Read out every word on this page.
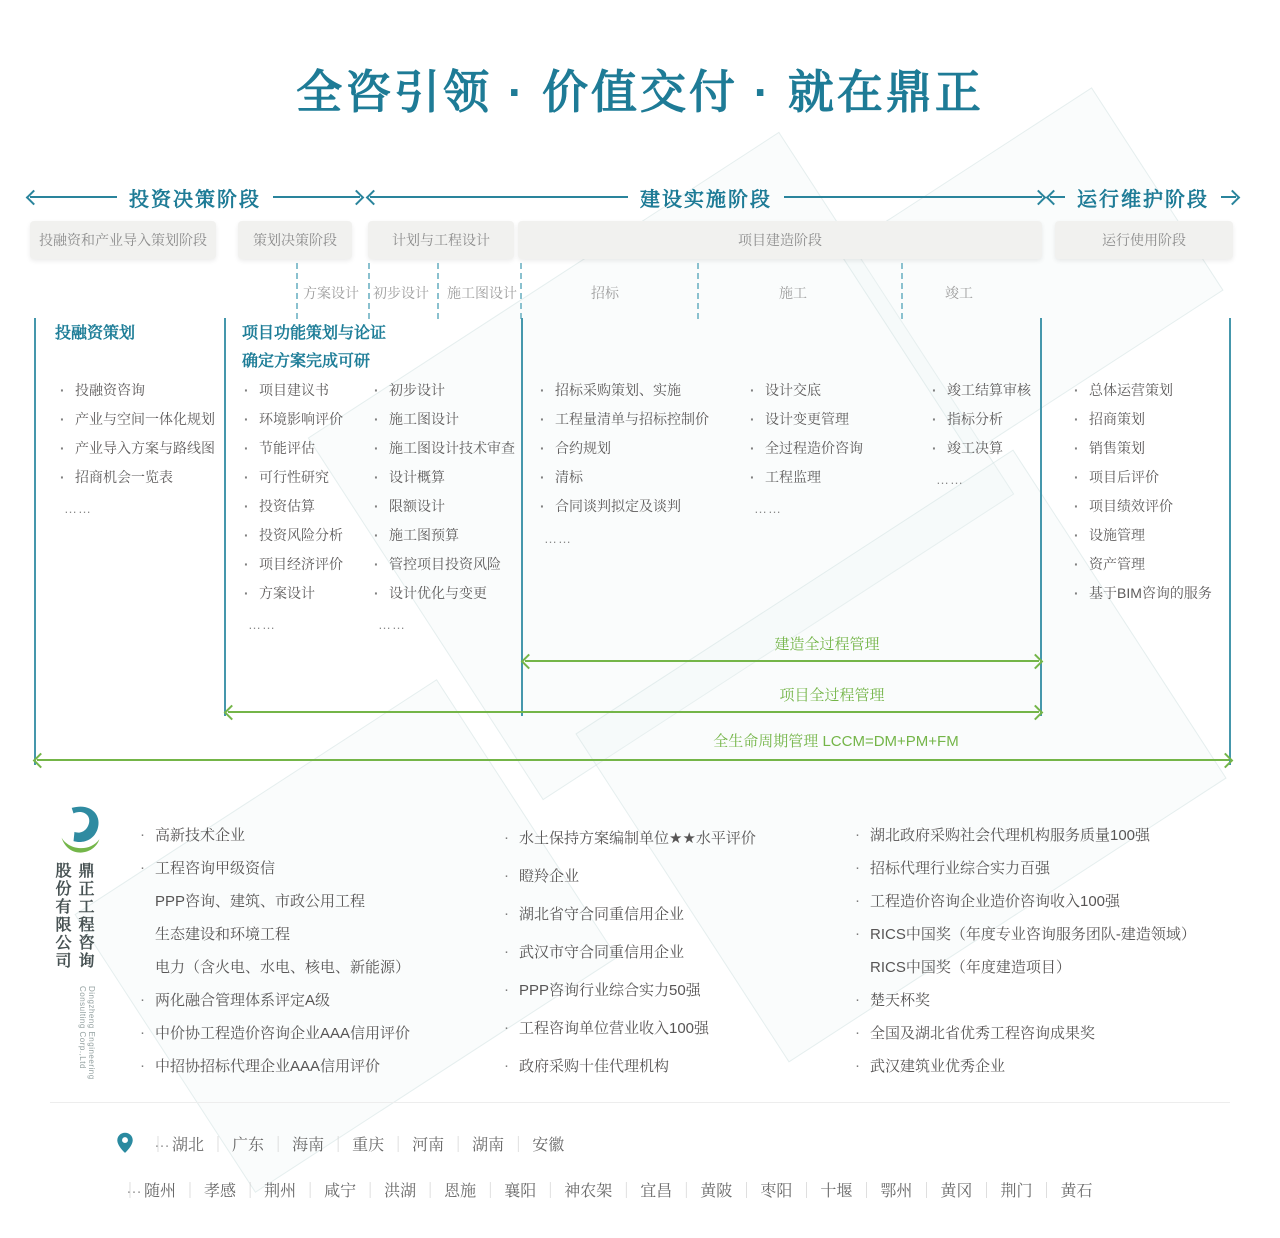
全咨引领 · 价值交付 · 就在鼎正
投资决策阶段	建设实施阶段	运行维护阶段
投融资和产业导入策划阶段	策划决策阶段	计划与工程设计	项目建造阶段	运行使用阶段
方案设计 初步设计 施工图设计	招标	施工	竣工
投融资策划	项目功能策划与论证
确定方案完成可研
· 投融资咨询
· 产业与空间一体化规划
· 产业导入方案与路线图
· 招商机会一览表
……
· 项目建议书
· 环境影响评价
· 节能评估
· 可行性研究
· 投资估算
· 投资风险分析
· 项目经济评价
· 方案设计
……
· 初步设计
· 施工图设计
· 施工图设计技术审查
· 设计概算
· 限额设计
· 施工图预算
· 管控项目投资风险
· 设计优化与变更
……
· 招标采购策划、实施
· 工程量清单与招标控制价
· 合约规划
· 清标
· 合同谈判拟定及谈判
……
· 设计交底
· 设计变更管理
· 全过程造价咨询
· 工程监理
……
· 竣工结算审核
· 指标分析
· 竣工决算
……
· 总体运营策划
· 招商策划
· 销售策划
· 项目后评价
· 项目绩效评价
· 设施管理
· 资产管理
· 基于BIM咨询的服务
建造全过程管理
项目全过程管理
全生命周期管理 LCCM=DM+PM+FM
鼎正工程咨询股份有限公司
Dingzheng Engineering Consulting Corp.,Ltd
· 高新技术企业
· 工程咨询甲级资信
PPP咨询、建筑、市政公用工程
生态建设和环境工程
电力（含火电、水电、核电、新能源）
· 两化融合管理体系评定A级
· 中价协工程造价咨询企业AAA信用评价
· 中招协招标代理企业AAA信用评价
· 水土保持方案编制单位★★水平评价
· 瞪羚企业
· 湖北省守合同重信用企业
· 武汉市守合同重信用企业
· PPP咨询行业综合实力50强
· 工程咨询单位营业收入100强
· 政府采购十佳代理机构
· 湖北政府采购社会代理机构服务质量100强
· 招标代理行业综合实力百强
· 工程造价咨询企业造价咨询收入100强
· RICS中国奖（年度专业咨询服务团队-建造领域）
RICS中国奖（年度建造项目）
· 楚天杯奖
· 全国及湖北省优秀工程咨询成果奖
· 武汉建筑业优秀企业
｜ 湖北	｜ 广东	｜ 海南	｜ 重庆	｜ 河南	｜ 湖南	｜ 安徽
…
｜ 随州	｜ 孝感	｜ 荆州	｜ 咸宁	｜ 洪湖	｜ 恩施	｜ 襄阳	｜ 神农架	｜ 宜昌	｜ 黄陂	｜ 枣阳	｜ 十堰	｜ 鄂州	｜ 黄冈	｜ 荆门	｜ 黄石
…
